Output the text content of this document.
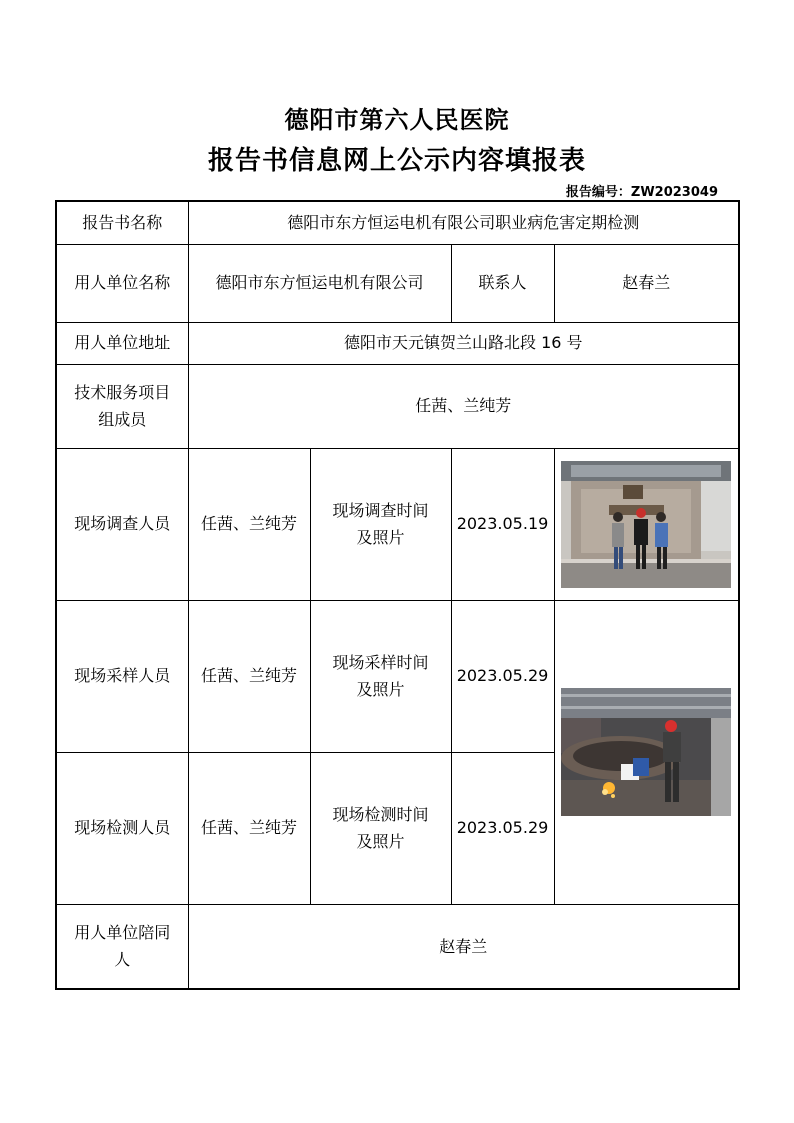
德阳市第六人民医院
报告书信息网上公示内容填报表
报告编号：ZW2023049
报告书名称	德阳市东方恒运电机有限公司职业病危害定期检测			
用人单位名称	德阳市东方恒运电机有限公司		联系人	赵春兰
用人单位地址	德阳市天元镇贺兰山路北段 16 号			

技术服务项目
组成员	任茜、兰纯芳			
现场调查人员	任茜、兰纯芳	现场调查时间
及照片	2023.05.19	

现场采样人员	任茜、兰纯芳	现场采样时间
及照片	2023.05.29	

现场检测人员	任茜、兰纯芳	现场检测时间
及照片	2023.05.29	

用人单位陪同
人	赵春兰			
